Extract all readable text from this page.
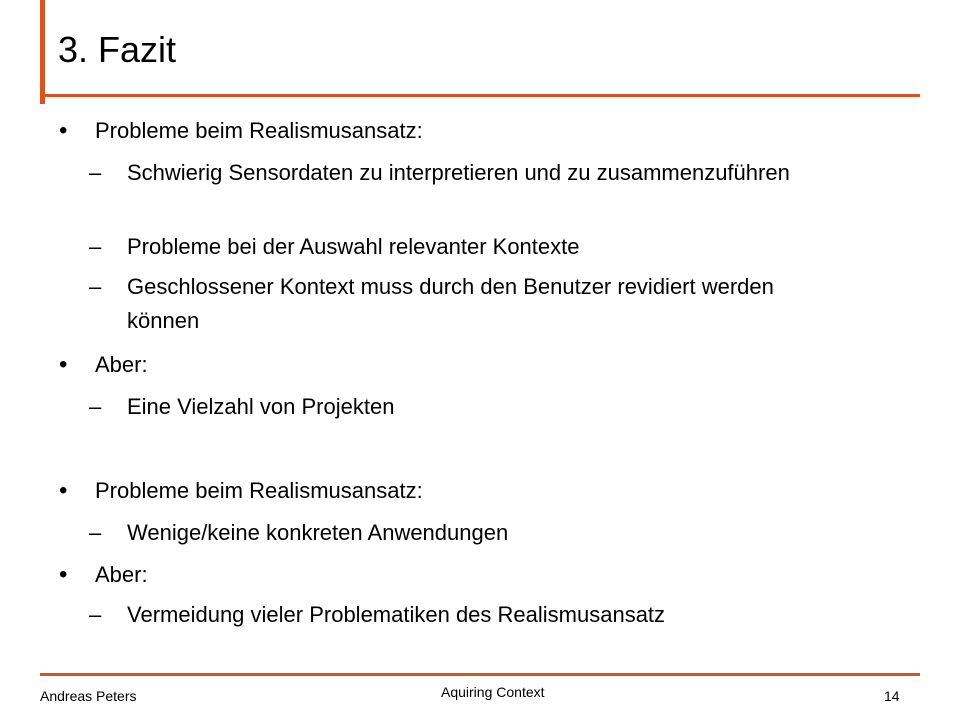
3. Fazit
• Probleme beim Realismusansatz:
– Schwierig Sensordaten zu interpretieren und zu zusammenzuführen
– Probleme bei der Auswahl relevanter Kontexte
– Geschlossener Kontext muss durch den Benutzer revidiert werden können
• Aber:
– Eine Vielzahl von Projekten
• Probleme beim Realismusansatz:
– Wenige/keine konkreten Anwendungen
• Aber:
– Vermeidung vieler Problematiken des Realismusansatz
Andreas Peters	Aquiring Context	14
